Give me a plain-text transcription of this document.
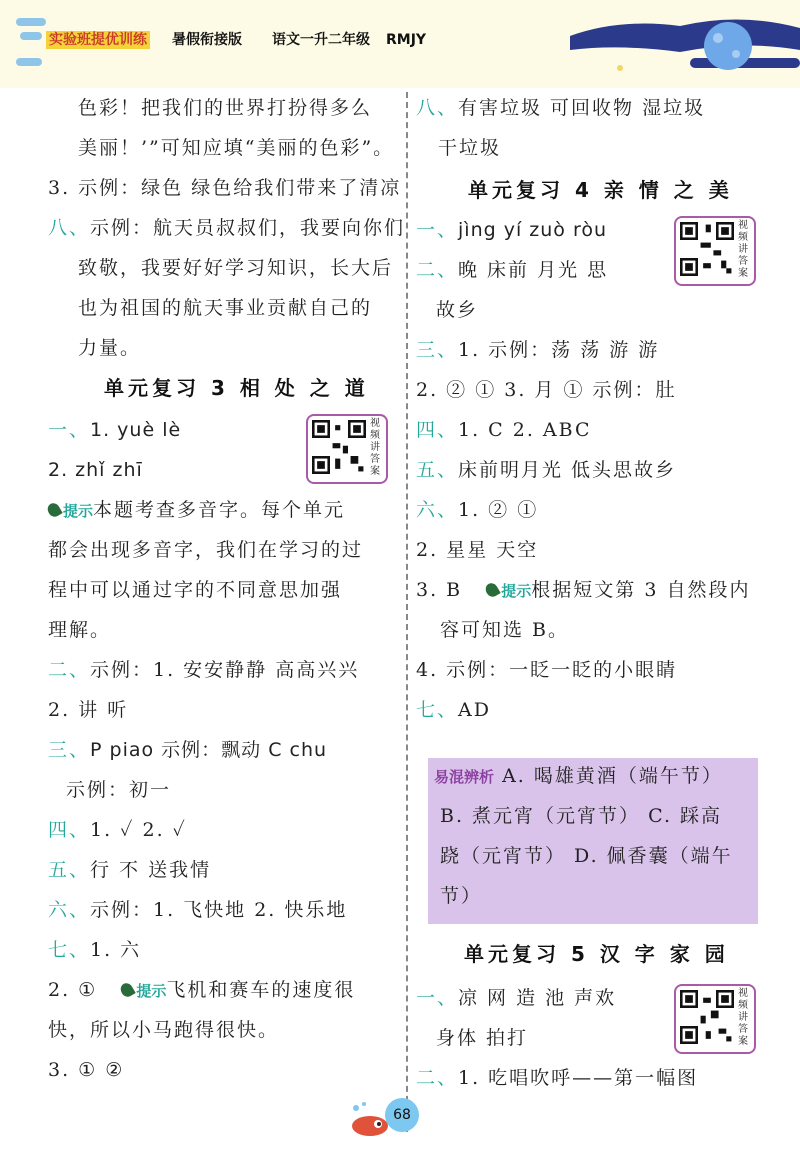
实验班提优训练 暑假衔接版 语文一升二年级 RMJY
色彩！把我们的世界打扮得多么
美丽！’”可知应填“美丽的色彩”。
3. 示例：绿色 绿色给我们带来了清凉
八、示例：航天员叔叔们，我要向你们
致敬，我要好好学习知识，长大后
也为祖国的航天事业贡献自己的
力量。
单元复习 3 相 处 之 道
一、1. yuè lè
2. zhǐ zhī
视频讲答案
提示本题考查多音字。每个单元
都会出现多音字，我们在学习的过
程中可以通过字的不同意思加强
理解。
二、示例：1. 安安静静 高高兴兴
2. 讲 听
三、P piao 示例：飘动 C chu
示例：初一
四、1. ✓ 2. ✓
五、行 不 送我情
六、示例：1. 飞快地 2. 快乐地
七、1. 六
2. ①	提示飞机和赛车的速度很
快，所以小马跑得很快。
3. ① ②
八、有害垃圾 可回收物 湿垃圾
干垃圾
单元复习 4 亲 情 之 美
一、jìng yí zuò ròu	视频讲答案
二、晚 床前 月光 思
故乡
三、1. 示例：荡 荡 游 游
2. ② ① 3. 月 ① 示例：肚
四、1. C 2. ABC
五、床前明月光 低头思故乡
六、1. ② ①
2. 星星 天空
3. B	提示根据短文第 3 自然段内
容可知选 B。
4. 示例：一眨一眨的小眼睛
七、AD
单元复习 5 汉 字 家 园
一、凉 网 造 池 声欢	视频讲答案
身体 拍打
二、1. 吃唱吹呼——第一幅图
易混辨析 A. 喝雄黄酒（端午节）
B. 煮元宵（元宵节） C. 踩高
跷（元宵节） D. 佩香囊（端午
节）
68
